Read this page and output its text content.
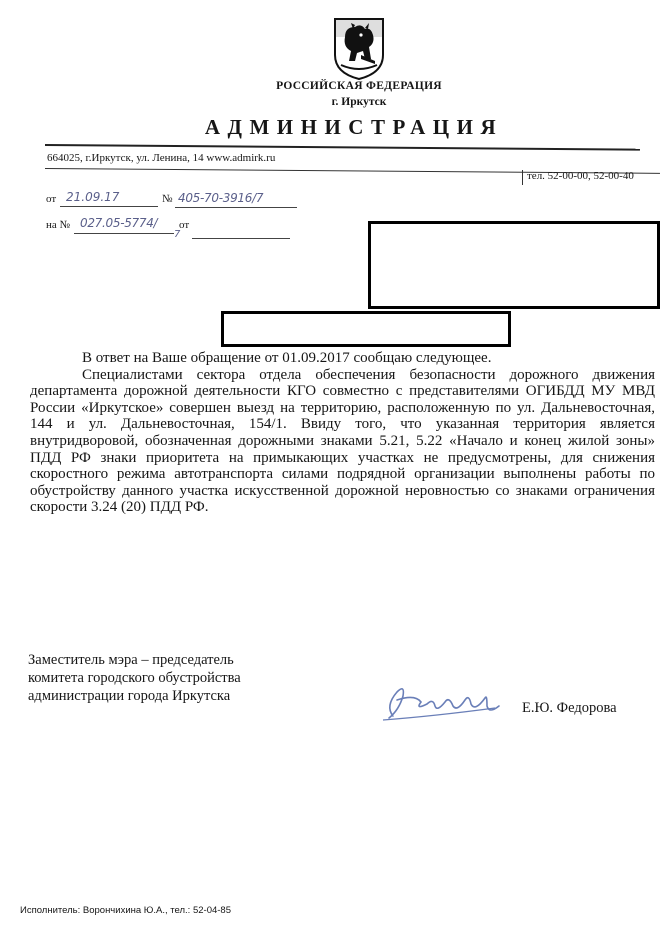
РОССИЙСКАЯ ФЕДЕРАЦИЯ
г. Иркутск
АДМИНИСТРАЦИЯ
664025, г.Иркутск, ул. Ленина, 14 www.admirk.ru
тел. 52-00-00, 52-00-40
от 21.09.17	№ 405-70-3916/7
на № 027.05-5774/
7
от

В ответ на Ваше обращение от 01.09.2017 сообщаю следующее.

Специалистами сектора отдела обеспечения безопасности дорожного движения департамента дорожной деятельности КГО совместно с представителями ОГИБДД МУ МВД России «Иркутское» совершен выезд на территорию, расположенную по ул. Дальневосточная, 144 и ул. Дальневосточная, 154/1. Ввиду того, что указанная территория является внутридворовой, обозначенная дорожными знаками 5.21, 5.22 «Начало и конец жилой зоны» ПДД РФ знаки приоритета на примыкающих участках не предусмотрены, для снижения скоростного режима автотранспорта силами подрядной организации выполнены работы по обустройству данного участка искусственной дорожной неровностью со знаками ограничения скорости 3.24 (20) ПДД РФ.

Заместитель мэра – председатель
комитета городского обустройства
администрации города Иркутска
Е.Ю. Федорова
Исполнитель: Ворончихина Ю.А., тел.: 52-04-85
